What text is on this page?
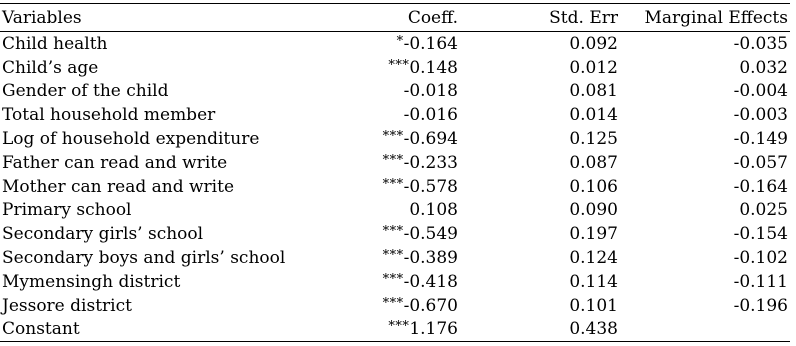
Variables	Coeff.	Std. Err	Marginal Effects
Child health	*-0.164	0.092	-0.035
Child’s age	***0.148	0.012	0.032
Gender of the child	-0.018	0.081	-0.004
Total household member	-0.016	0.014	-0.003
Log of household expenditure	***-0.694	0.125	-0.149
Father can read and write	***-0.233	0.087	-0.057
Mother can read and write	***-0.578	0.106	-0.164
Primary school	0.108	0.090	0.025
Secondary girls’ school	***-0.549	0.197	-0.154
Secondary boys and girls’ school	***-0.389	0.124	-0.102
Mymensingh district	***-0.418	0.114	-0.111
Jessore district	***-0.670	0.101	-0.196
Constant	***1.176	0.438	
